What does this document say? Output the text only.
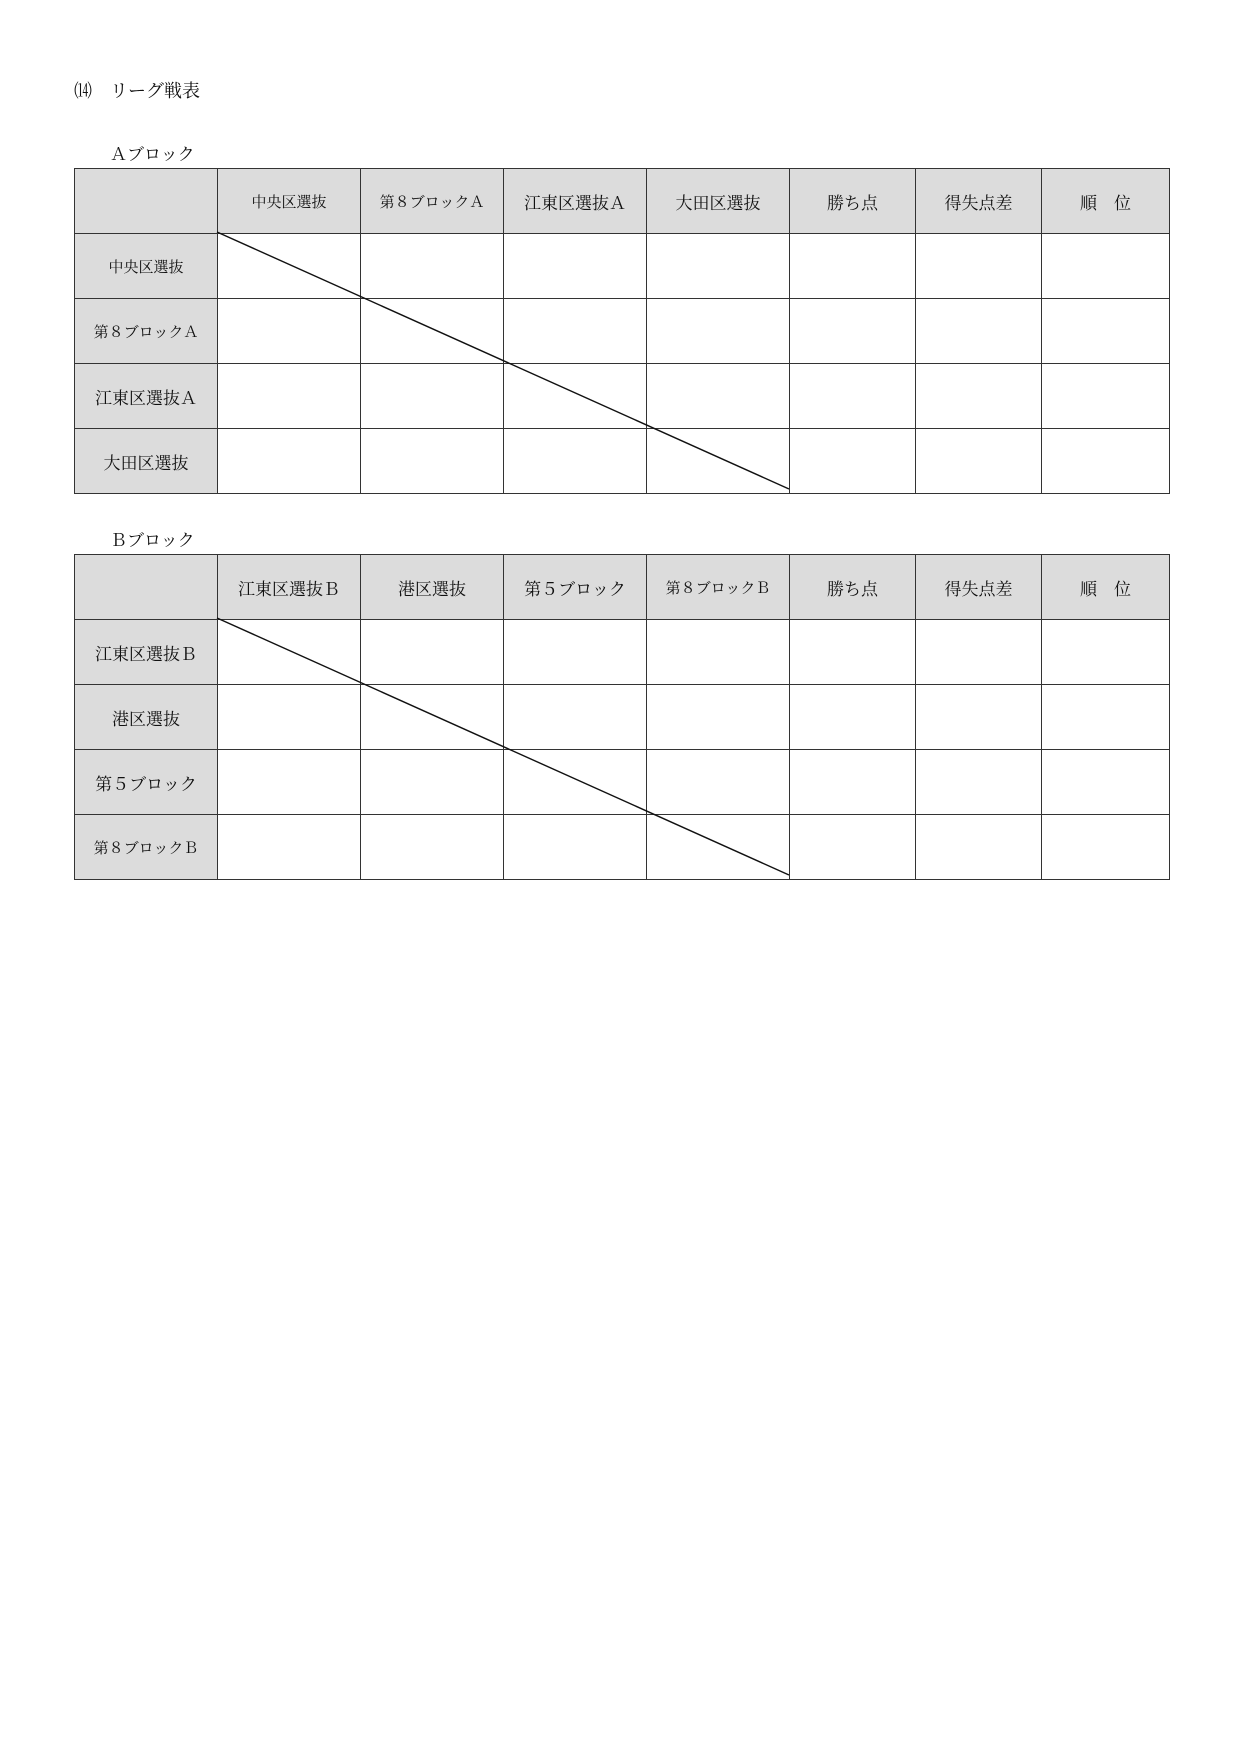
⒁　リーグ戦表
Ａブロック
	中央区選抜	第８ブロックＡ	江東区選抜Ａ	大田区選抜	勝ち点	得失点差	順　位
中央区選抜							
第８ブロックＡ							
江東区選抜Ａ							
大田区選抜							
Ｂブロック
	江東区選抜Ｂ	港区選抜	第５ブロック	第８ブロックＢ	勝ち点	得失点差	順　位
江東区選抜Ｂ							
港区選抜							
第５ブロック							
第８ブロックＢ							
